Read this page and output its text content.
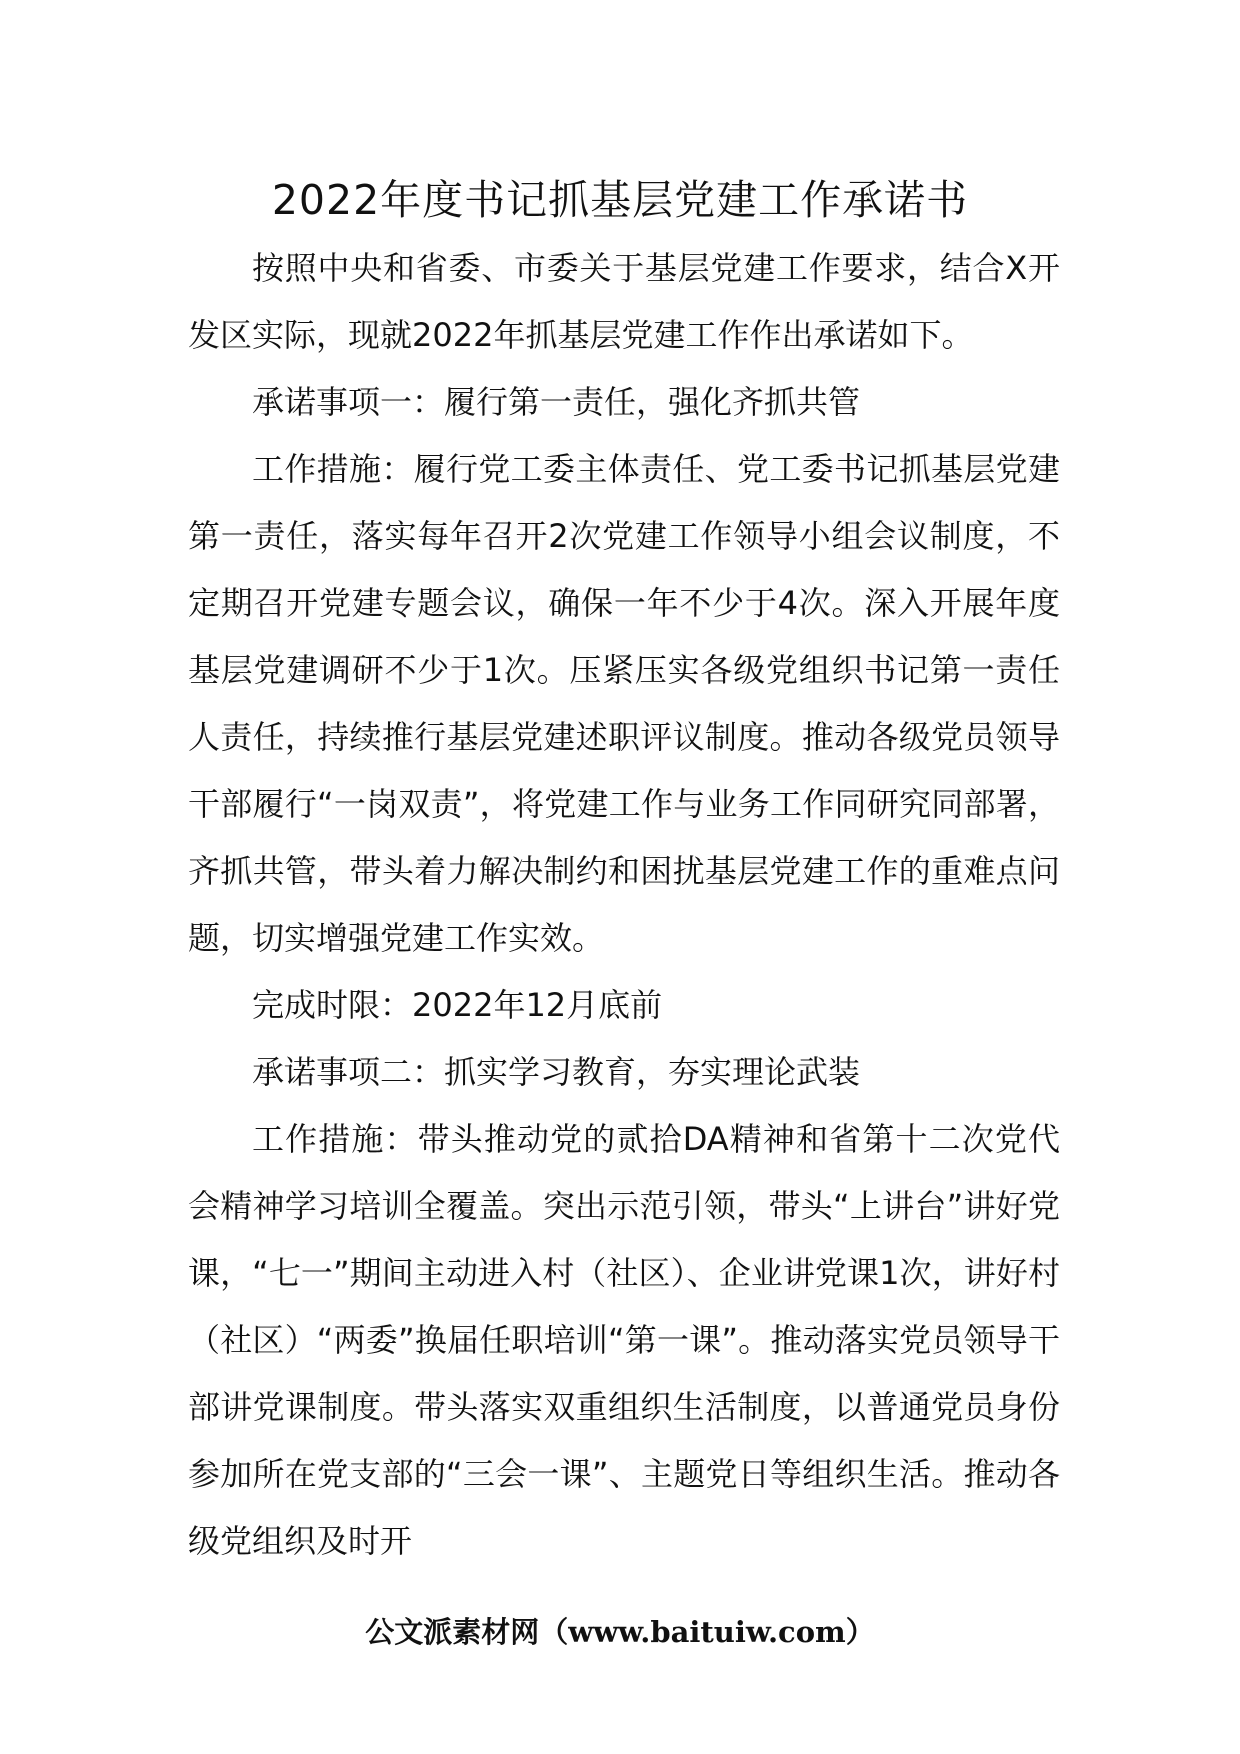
2022年度书记抓基层党建工作承诺书

按照中央和省委、市委关于基层党建工作要求，结合X开发区实际，现就2022年抓基层党建工作作出承诺如下。

承诺事项一：履行第一责任，强化齐抓共管

工作措施：履行党工委主体责任、党工委书记抓基层党建第一责任，落实每年召开2次党建工作领导小组会议制度，不定期召开党建专题会议，确保一年不少于4次。深入开展年度基层党建调研不少于1次。压紧压实各级党组织书记第一责任人责任，持续推行基层党建述职评议制度。推动各级党员领导干部履行“一岗双责”，将党建工作与业务工作同研究同部署，齐抓共管，带头着力解决制约和困扰基层党建工作的重难点问题，切实增强党建工作实效。

完成时限：2022年12月底前

承诺事项二：抓实学习教育，夯实理论武装

工作措施：带头推动党的贰拾DA精神和省第十二次党代会精神学习培训全覆盖。突出示范引领，带头“上讲台”讲好党课，“七一”期间主动进入村（社区）、企业讲党课1次，讲好村（社区）“两委”换届任职培训“第一课”。推动落实党员领导干部讲党课制度。带头落实双重组织生活制度，以普通党员身份参加所在党支部的“三会一课”、主题党日等组织生活。推动各级党组织及时开

公文派素材网（www.baituiw.com）
